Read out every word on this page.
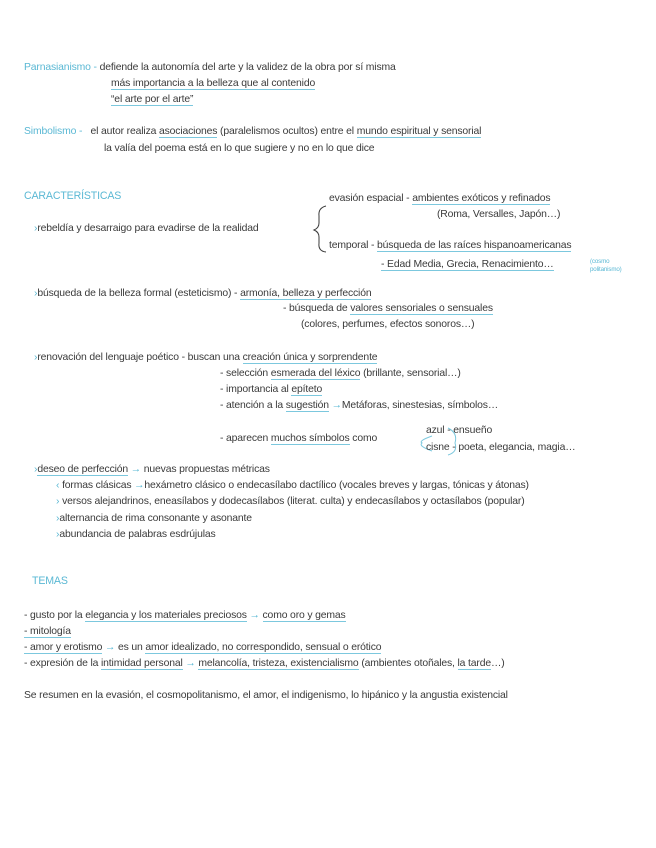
Parnasianismo - defiende la autonomía del arte y la validez de la obra por sí misma
más importancia a la belleza que al contenido
“el arte por el arte”
Simbolismo -   el autor realiza asociaciones (paralelismos ocultos) entre el mundo espiritual y sensorial
la valía del poema está en lo que sugiere y no en lo que dice
CARACTERÍSTICAS
›rebeldía y desarraigo para evadirse de la realidad
evasión espacial - ambientes exóticos y refinados
(Roma, Versalles, Japón…)
temporal - búsqueda de las raíces hispanoamericanas
- Edad Media, Grecia, Renacimiento…	(cosmo
politanismo)
›búsqueda de la belleza formal (esteticismo) - armonía, belleza y perfección
- búsqueda de valores sensoriales o sensuales
(colores, perfumes, efectos sonoros…)
›renovación del lenguaje poético - buscan una creación única y sorprendente
- selección esmerada del léxico (brillante, sensorial…)
- importancia al epíteto
- atención a la sugestión →Metáforas, sinestesias, símbolos…
- aparecen muchos símbolos como
azul - ensueño
cisne - poeta, elegancia, magia…
›deseo de perfección → nuevas propuestas métricas
‹ formas clásicas →hexámetro clásico o endecasílabo dactílico (vocales breves y largas, tónicas y átonas)
› versos alejandrinos, eneasílabos y dodecasílabos (literat. culta) y endecasílabos y octasílabos (popular)
›alternancia de rima consonante y asonante
›abundancia de palabras esdrújulas
TEMAS
- gusto por la elegancia y los materiales preciosos → como oro y gemas
- mitología
- amor y erotismo → es un amor idealizado, no correspondido, sensual o erótico
- expresión de la intimidad personal → melancolía, tristeza, existencialismo (ambientes otoñales, la tarde…)
Se resumen en la evasión, el cosmopolitanismo, el amor, el indigenismo, lo hipánico y la angustia existencial
